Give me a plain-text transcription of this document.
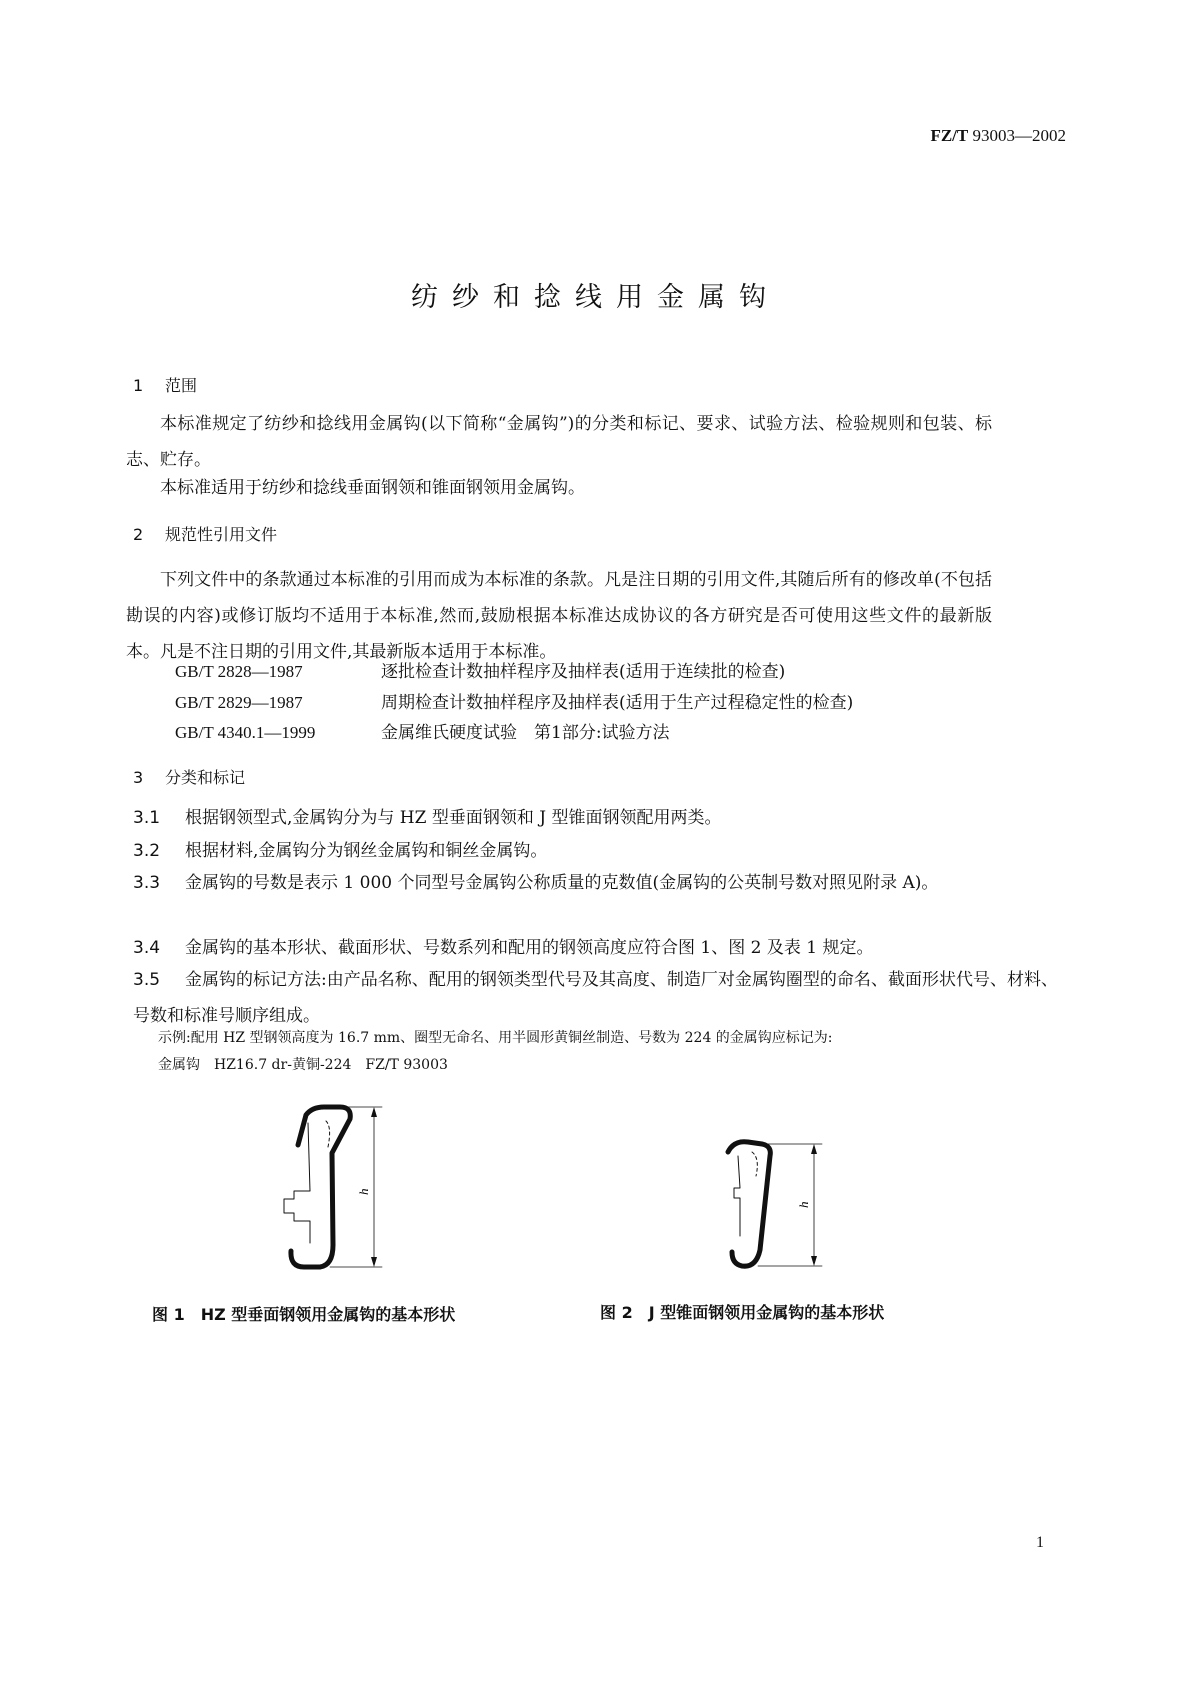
FZ/T 93003—2002
纺纱和捻线用金属钩
1 范围
本标准规定了纺纱和捻线用金属钩(以下简称“金属钩”)的分类和标记、要求、试验方法、检验规则和包装、标志、贮存。
本标准适用于纺纱和捻线垂面钢领和锥面钢领用金属钩。
2 规范性引用文件
下列文件中的条款通过本标准的引用而成为本标准的条款。凡是注日期的引用文件,其随后所有的修改单(不包括勘误的内容)或修订版均不适用于本标准,然而,鼓励根据本标准达成协议的各方研究是否可使用这些文件的最新版本。凡是不注日期的引用文件,其最新版本适用于本标准。
GB/T 2828—1987	逐批检查计数抽样程序及抽样表(适用于连续批的检查)
GB/T 2829—1987	周期检查计数抽样程序及抽样表(适用于生产过程稳定性的检查)
GB/T 4340.1—1999	金属维氏硬度试验　第1部分:试验方法
3 分类和标记
3.1 根据钢领型式,金属钩分为与 HZ 型垂面钢领和 J 型锥面钢领配用两类。
3.2 根据材料,金属钩分为钢丝金属钩和铜丝金属钩。
3.3 金属钩的号数是表示 1 000 个同型号金属钩公称质量的克数值(金属钩的公英制号数对照见附录 A)。
3.4 金属钩的基本形状、截面形状、号数系列和配用的钢领高度应符合图 1、图 2 及表 1 规定。
3.5 金属钩的标记方法:由产品名称、配用的钢领类型代号及其高度、制造厂对金属钩圈型的命名、截面形状代号、材料、号数和标准号顺序组成。
示例:配用 HZ 型钢领高度为 16.7 mm、圈型无命名、用半圆形黄铜丝制造、号数为 224 的金属钩应标记为:
金属钩　HZ16.7 dr-黄铜-224　FZ/T 93003
h
图 1　HZ 型垂面钢领用金属钩的基本形状
h
图 2　J 型锥面钢领用金属钩的基本形状
1
